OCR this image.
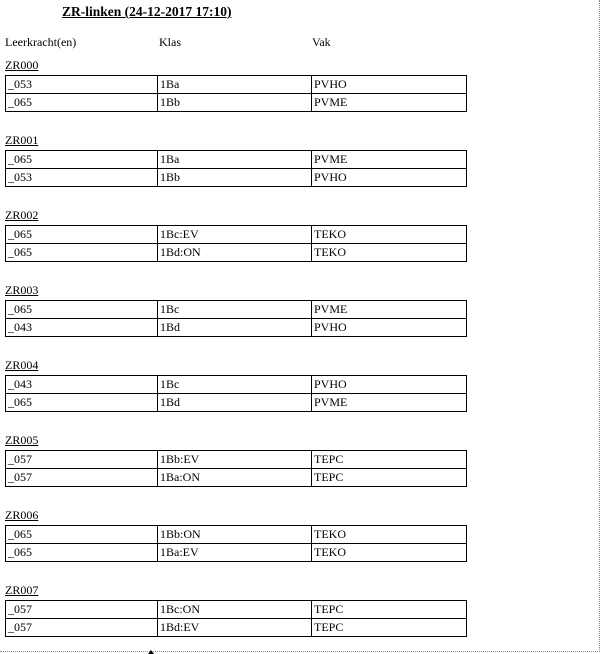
ZR-linken (24-12-2017 17:10)
Leerkracht(en)	Klas	Vak
ZR000
_053	1Ba	PVHO
_065	1Bb	PVME
ZR001
_065	1Ba	PVME
_053	1Bb	PVHO
ZR002
_065	1Bc:EV	TEKO
_065	1Bd:ON	TEKO
ZR003
_065	1Bc	PVME
_043	1Bd	PVHO
ZR004
_043	1Bc	PVHO
_065	1Bd	PVME
ZR005
_057	1Bb:EV	TEPC
_057	1Ba:ON	TEPC
ZR006
_065	1Bb:ON	TEKO
_065	1Ba:EV	TEKO
ZR007
_057	1Bc:ON	TEPC
_057	1Bd:EV	TEPC
